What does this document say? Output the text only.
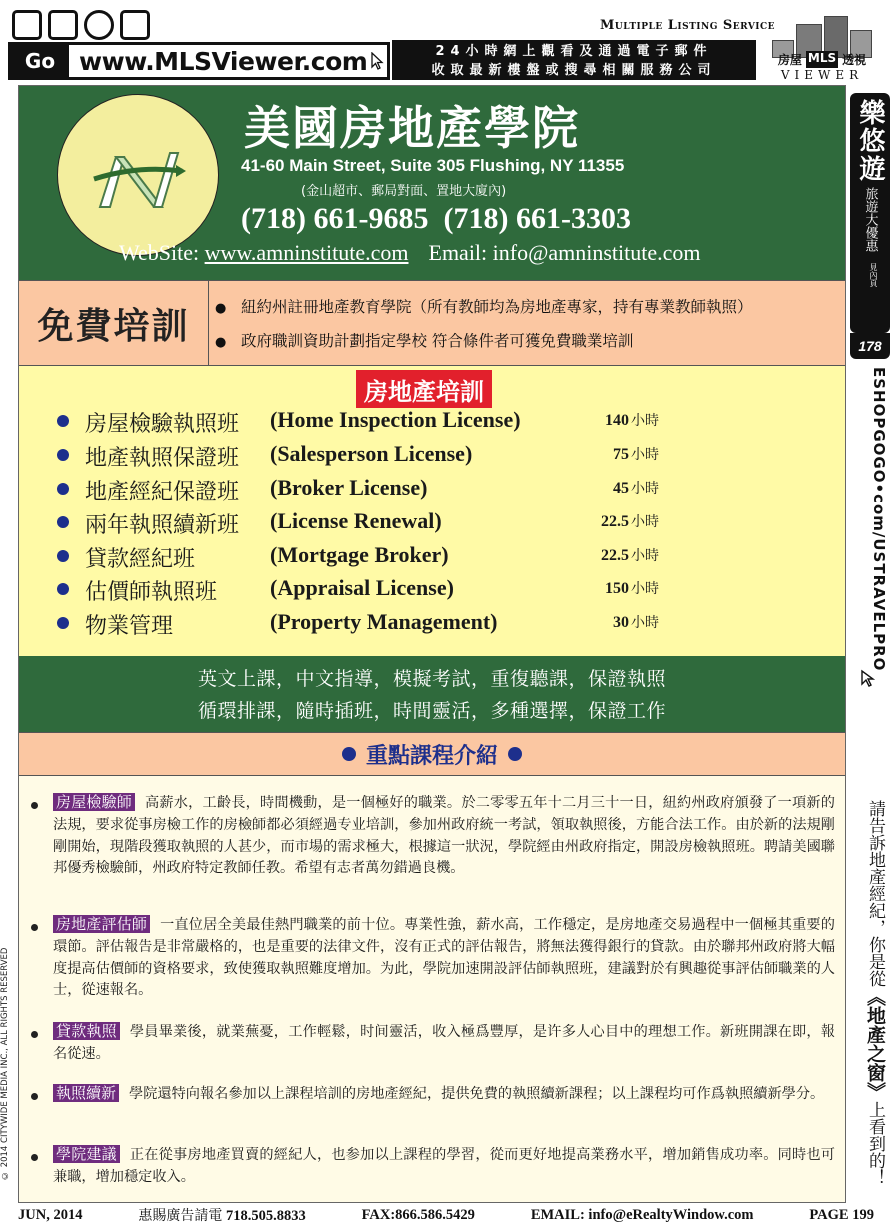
Go www.MLSViewer.com
Multiple Listing Service
24小時網上觀看及通過電子郵件
收取最新樓盤或搜尋相關服務公司
房屋 MLS 透視
VIEWER
美國房地產學院
41-60 Main Street, Suite 305 Flushing, NY 11355
(金山超市、郵局對面、置地大廈內)
(718) 661-9685  (718) 661-3303
WebSite: www.amninstitute.com Email: info@amninstitute.com
免費培訓	● 紐約州註冊地產教育學院（所有教師均為房地產專家，持有專業教師執照）
● 政府職訓資助計劃指定學校 符合條件者可獲免費職業培訓
房地產培訓
房屋檢驗執照班 (Home Inspection License)	140 小時
地產執照保證班 (Salesperson License)	75 小時
地產經紀保證班 (Broker License)	45 小時
兩年執照續新班 (License Renewal)	22.5 小時
貸款經紀班	(Mortgage Broker)	22.5 小時
估價師執照班 (Appraisal License)	150 小時
物業管理	(Property Management)	30 小時
英文上課，中文指導，模擬考試，重復聽課，保證執照
循環排課，隨時插班，時間靈活，多種選擇，保證工作
重點課程介紹
房屋檢驗師 高薪水，工齡長，時間機動，是一個極好的職業。於二零零五年十二月三十一日，紐約州政府頒發了一項新的法規，要求從事房檢工作的房檢師都必須經過专业培訓，參加州政府統一考試，領取執照後，方能合法工作。由於新的法規剛剛開始，現階段獲取執照的人甚少，而市場的需求極大，根據這一狀況，學院經由州政府指定，開設房檢執照班。聘請美國聯邦優秀檢驗師，州政府特定教師任教。希望有志者萬勿錯過良機。
房地產評估師 一直位居全美最佳熱門職業的前十位。專業性強，薪水高，工作穩定，是房地產交易過程中一個極其重要的環節。評估報告是非常嚴格的，也是重要的法律文件，沒有正式的評估報告，將無法獲得銀行的貸款。由於聯邦州政府將大幅度提高估價師的資格要求，致使獲取執照難度增加。为此，學院加速開設評估師執照班，建議對於有興趣從事評估師職業的人士，從速報名。
貸款執照 學員畢業後，就業蕪憂，工作輕鬆，时间靈活，收入極爲豐厚，是许多人心目中的理想工作。新班開課在即，報名從速。
執照續新 學院還特向報名參加以上課程培訓的房地產經紀，提供免費的執照續新課程；以上課程均可作爲執照續新學分。
學院建議 正在從事房地產買賣的經紀人，也参加以上課程的學習，從而更好地提高業務水平，增加銷售成功率。同時也可兼職，增加穩定收入。
樂悠遊
旅遊大優惠
見內頁
178
ESHOPGOGO•com/USTRAVELPRO
請告訴地產經紀，你是從《地產之窗》上看到的！
© 2014 CITYWIDE MEDIA INC., ALL RIGHTS RESERVED
JUN, 2014	惠賜廣告請電 718.505.8833	FAX:866.586.5429	EMAIL: info@eRealtyWindow.com	PAGE 199
